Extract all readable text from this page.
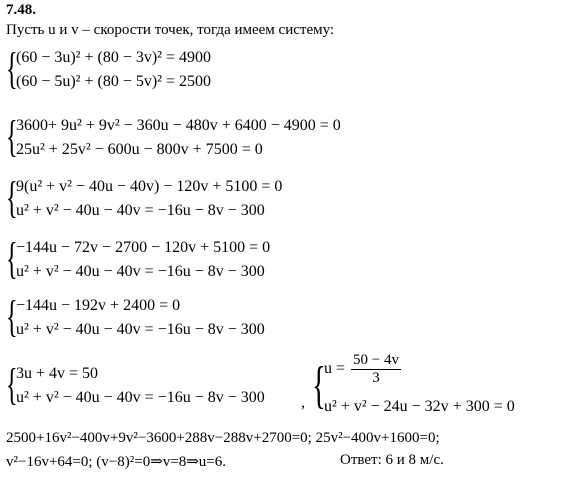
7.48.
Пусть u и v – скорости точек, тогда имеем систему:
{
(60 − 3u)² + (80 − 3v)² = 4900
(60 − 5u)² + (80 − 5v)² = 2500
{
3600+ 9u² + 9v² − 360u − 480v + 6400 − 4900 = 0
25u² + 25v² − 600u − 800v + 7500 = 0
{
9(u² + v² − 40u − 40v) − 120v + 5100 = 0
u² + v² − 40u − 40v = −16u − 8v − 300
{
−144u − 72v − 2700 − 120v + 5100 = 0
u² + v² − 40u − 40v = −16u − 8v − 300
{
−144u − 192v + 2400 = 0
u² + v² − 40u − 40v = −16u − 8v − 300
{
3u + 4v = 50
u² + v² − 40u − 40v = −16u − 8v − 300 , {
$u = \frac{50 - 4v}{3}$
u² + v² − 24u − 32v + 300 = 0
2500+16v²−400v+9v²−3600+288v−288v+2700=0; 25v²−400v+1600=0;
v²−16v+64=0; (v−8)²=0⇒v=8⇒u=6.	Ответ: 6 и 8 м/с.
